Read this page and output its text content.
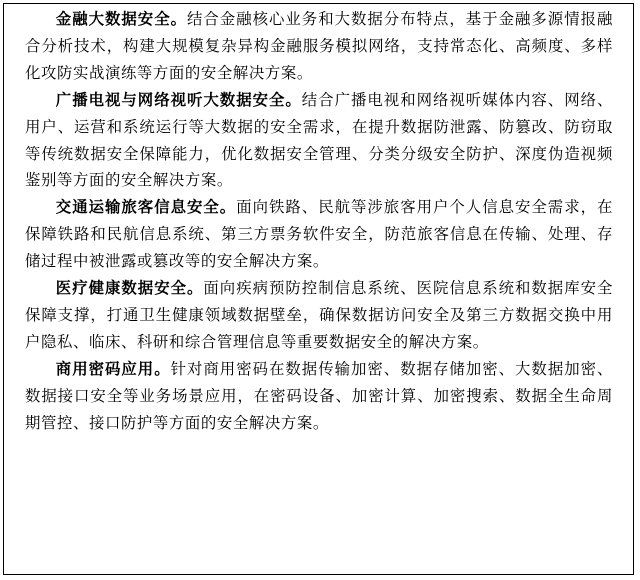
金融大数据安全。结合金融核心业务和大数据分布特点，基于金融多源情报融合分析技术，构建大规模复杂异构金融服务模拟网络，支持常态化、高频度、多样化攻防实战演练等方面的安全解决方案。

广播电视与网络视听大数据安全。结合广播电视和网络视听媒体内容、网络、用户、运营和系统运行等大数据的安全需求，在提升数据防泄露、防篡改、防窃取等传统数据安全保障能力，优化数据安全管理、分类分级安全防护、深度伪造视频鉴别等方面的安全解决方案。

交通运输旅客信息安全。面向铁路、民航等涉旅客用户个人信息安全需求，在保障铁路和民航信息系统、第三方票务软件安全，防范旅客信息在传输、处理、存储过程中被泄露或篡改等的安全解决方案。

医疗健康数据安全。面向疾病预防控制信息系统、医院信息系统和数据库安全保障支撑，打通卫生健康领域数据壁垒，确保数据访问安全及第三方数据交换中用户隐私、临床、科研和综合管理信息等重要数据安全的解决方案。

商用密码应用。针对商用密码在数据传输加密、数据存储加密、大数据加密、数据接口安全等业务场景应用，在密码设备、加密计算、加密搜索、数据全生命周期管控、接口防护等方面的安全解决方案。
